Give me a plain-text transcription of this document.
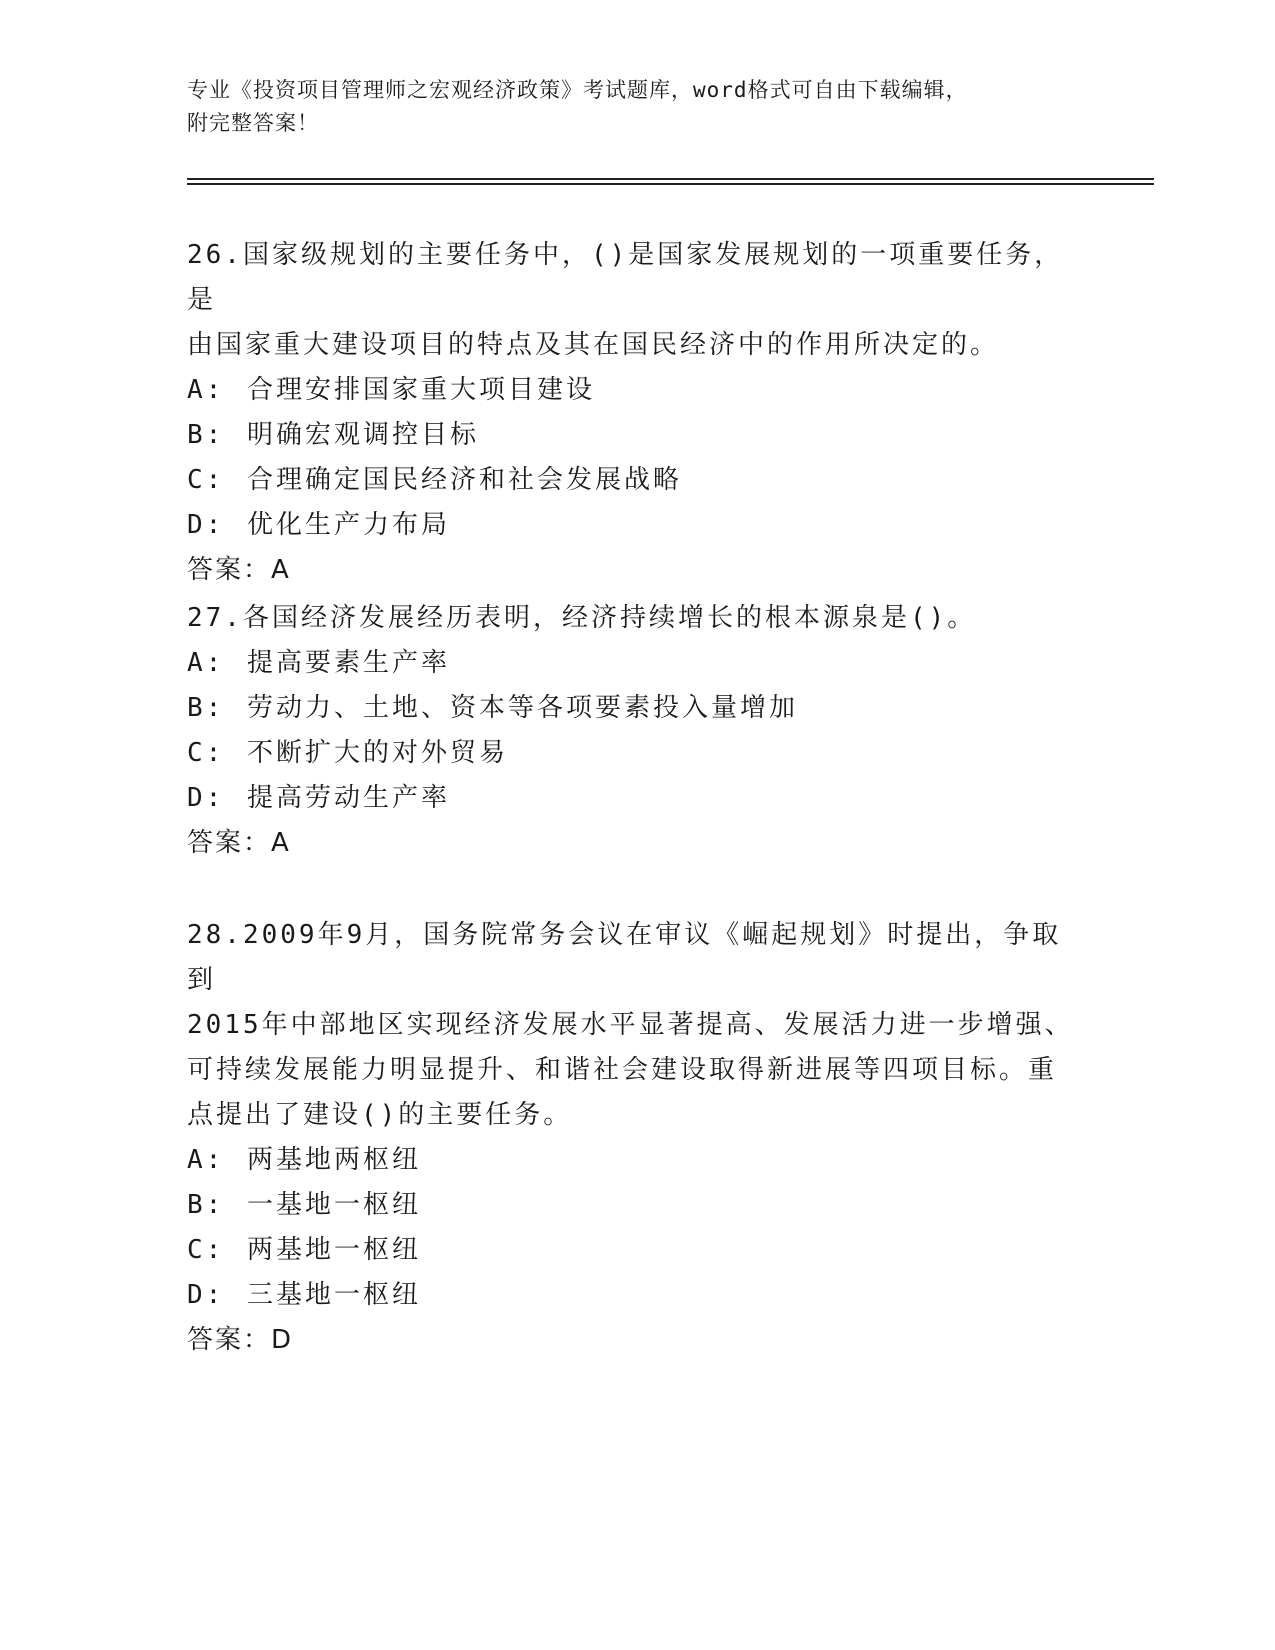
专业《投资项目管理师之宏观经济政策》考试题库，word格式可自由下载编辑，
附完整答案！

26.国家级规划的主要任务中，()是国家发展规划的一项重要任务，是

由国家重大建设项目的特点及其在国民经济中的作用所决定的。

A: 合理安排国家重大项目建设

B: 明确宏观调控目标

C: 合理确定国民经济和社会发展战略

D: 优化生产力布局

答案：A

27.各国经济发展经历表明，经济持续增长的根本源泉是()。

A: 提高要素生产率

B: 劳动力、土地、资本等各项要素投入量增加

C: 不断扩大的对外贸易

D: 提高劳动生产率

答案：A

28.2009年9月，国务院常务会议在审议《崛起规划》时提出，争取到

2015年中部地区实现经济发展水平显著提高、发展活力进一步增强、

可持续发展能力明显提升、和谐社会建设取得新进展等四项目标。重

点提出了建设()的主要任务。

A: 两基地两枢纽

B: 一基地一枢纽

C: 两基地一枢纽

D: 三基地一枢纽

答案：D
